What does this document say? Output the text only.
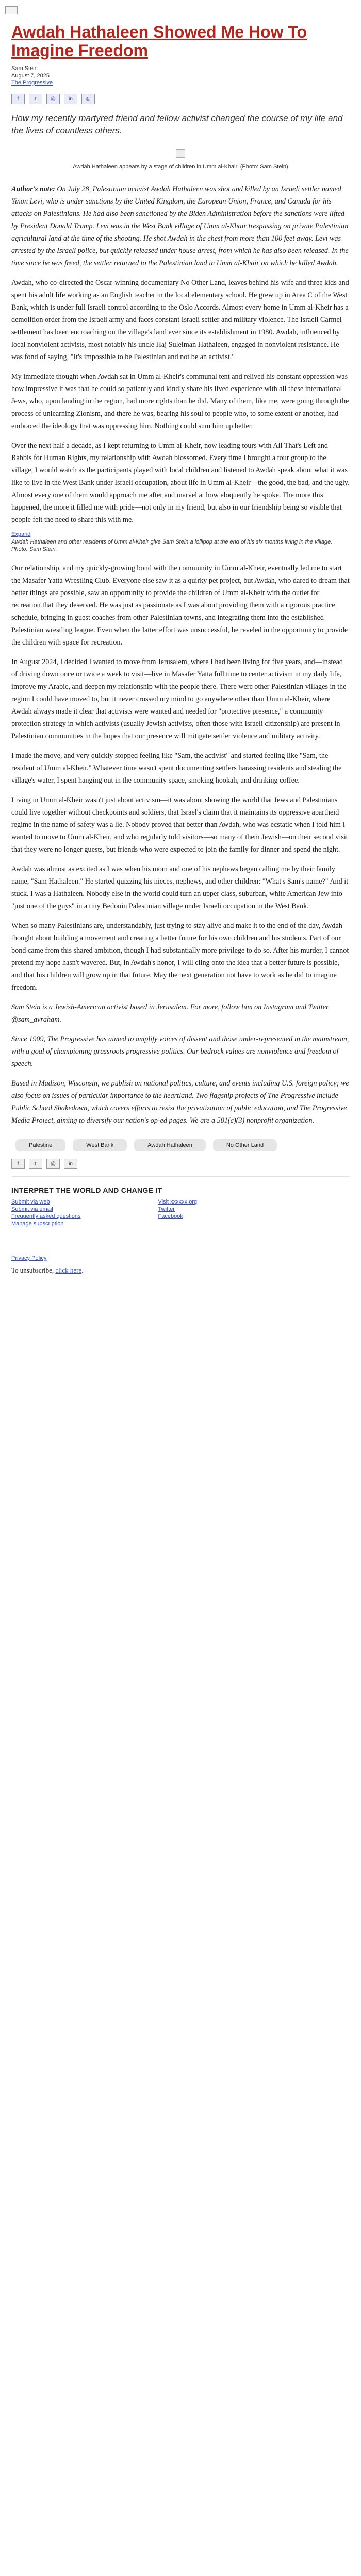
Awdah Hathaleen Showed Me How To Imagine Freedom
Sam Stein
August 7, 2025
The Progressive
f	t	@	in	⎙
How my recently martyred friend and fellow activist changed the course of my life and the lives of countless others.
Awdah Hathaleen appears by a stage of children in Umm al-Khair. (Photo: Sam Stein)

Author's note: On July 28, Palestinian activist Awdah Hathaleen was shot and killed by an Israeli settler named Yinon Levi, who is under sanctions by the United Kingdom, the European Union, France, and Canada for his attacks on Palestinians. He had also been sanctioned by the Biden Administration before the sanctions were lifted by President Donald Trump. Levi was in the West Bank village of Umm al-Khair trespassing on private Palestinian agricultural land at the time of the shooting. He shot Awdah in the chest from more than 100 feet away. Levi was arrested by the Israeli police, but quickly released under house arrest, from which he has also been released. In the time since he was freed, the settler returned to the Palestinian land in Umm al-Khair on which he killed Awdah.

Awdah, who co-directed the Oscar-winning documentary No Other Land, leaves behind his wife and three kids and spent his adult life working as an English teacher in the local elementary school. He grew up in Area C of the West Bank, which is under full Israeli control according to the Oslo Accords. Almost every home in Umm al-Kheir has a demolition order from the Israeli army and faces constant Israeli settler and military violence. The Israeli Carmel settlement has been encroaching on the village's land ever since its establishment in 1980. Awdah, influenced by local nonviolent activists, most notably his uncle Haj Suleiman Hathaleen, engaged in nonviolent resistance. He was fond of saying, "It's impossible to be Palestinian and not be an activist."

My immediate thought when Awdah sat in Umm al-Kheir's communal tent and relived his constant oppression was how impressive it was that he could so patiently and kindly share his lived experience with all these international Jews, who, upon landing in the region, had more rights than he did. Many of them, like me, were going through the process of unlearning Zionism, and there he was, bearing his soul to people who, to some extent or another, had embraced the ideology that was oppressing him. Nothing could sum him up better.

Over the next half a decade, as I kept returning to Umm al-Kheir, now leading tours with All That's Left and Rabbis for Human Rights, my relationship with Awdah blossomed. Every time I brought a tour group to the village, I would watch as the participants played with local children and listened to Awdah speak about what it was like to live in the West Bank under Israeli occupation, about life in Umm al-Kheir—the good, the bad, and the ugly. Almost every one of them would approach me after and marvel at how eloquently he spoke. The more this happened, the more it filled me with pride—not only in my friend, but also in our friendship being so visible that people felt the need to share this with me.

Expand
Awdah Hathaleen and other residents of Umm al-Kheir give Sam Stein a lollipop at the end of his six months living in the village. Photo: Sam Stein.

Our relationship, and my quickly-growing bond with the community in Umm al-Kheir, eventually led me to start the Masafer Yatta Wrestling Club. Everyone else saw it as a quirky pet project, but Awdah, who dared to dream that better things are possible, saw an opportunity to provide the children of Umm al-Kheir with the outlet for recreation that they deserved. He was just as passionate as I was about providing them with a rigorous practice schedule, bringing in guest coaches from other Palestinian towns, and integrating them into the established Palestinian wrestling league. Even when the latter effort was unsuccessful, he reveled in the opportunity to provide the children with space for recreation.

In August 2024, I decided I wanted to move from Jerusalem, where I had been living for five years, and—instead of driving down once or twice a week to visit—live in Masafer Yatta full time to center activism in my daily life, improve my Arabic, and deepen my relationship with the people there. There were other Palestinian villages in the region I could have moved to, but it never crossed my mind to go anywhere other than Umm al-Kheir, where Awdah always made it clear that activists were wanted and needed for "protective presence," a community protection strategy in which activists (usually Jewish activists, often those with Israeli citizenship) are present in Palestinian communities in the hopes that our presence will mitigate settler violence and military activity.

I made the move, and very quickly stopped feeling like "Sam, the activist" and started feeling like "Sam, the resident of Umm al-Kheir." Whatever time wasn't spent documenting settlers harassing residents and stealing the village's water, I spent hanging out in the community space, smoking hookah, and drinking coffee.

Living in Umm al-Kheir wasn't just about activism—it was about showing the world that Jews and Palestinians could live together without checkpoints and soldiers, that Israel's claim that it maintains its oppressive apartheid regime in the name of safety was a lie. Nobody proved that better than Awdah, who was ecstatic when I told him I wanted to move to Umm al-Kheir, and who regularly told visitors—so many of them Jewish—on their second visit that they were no longer guests, but friends who were expected to join the family for dinner and spend the night.

Awdah was almost as excited as I was when his mom and one of his nephews began calling me by their family name, "Sam Hathaleen." He started quizzing his nieces, nephews, and other children: "What's Sam's name?" And it stuck. I was a Hathaleen. Nobody else in the world could turn an upper class, suburban, white American Jew into "just one of the guys" in a tiny Bedouin Palestinian village under Israeli occupation in the West Bank.

When so many Palestinians are, understandably, just trying to stay alive and make it to the end of the day, Awdah thought about building a movement and creating a better future for his own children and his students. Part of our bond came from this shared ambition, though I had substantially more privilege to do so. After his murder, I cannot pretend my hope hasn't wavered. But, in Awdah's honor, I will cling onto the idea that a better future is possible, and that his children will grow up in that future. May the next generation not have to work as he did to imagine freedom.

Sam Stein is a Jewish-American activist based in Jerusalem. For more, follow him on Instagram and Twitter @sam_avraham.

Since 1909, The Progressive has aimed to amplify voices of dissent and those under-represented in the mainstream, with a goal of championing grassroots progressive politics. Our bedrock values are nonviolence and freedom of speech.

Based in Madison, Wisconsin, we publish on national politics, culture, and events including U.S. foreign policy; we also focus on issues of particular importance to the heartland. Two flagship projects of The Progressive include Public School Shakedown, which covers efforts to resist the privatization of public education, and The Progressive Media Project, aiming to diversify our nation's op-ed pages. We are a 501(c)(3) nonprofit organization.

Palestine	West Bank	Awdah Hathaleen	No Other Land
f	t	@	in
INTERPRET THE WORLD AND CHANGE IT
Submit via web
Submit via email
Frequently asked questions
Manage subscription
Visit xxxxxx.org
Twitter
Facebook
Privacy Policy
To unsubscribe, click here.
